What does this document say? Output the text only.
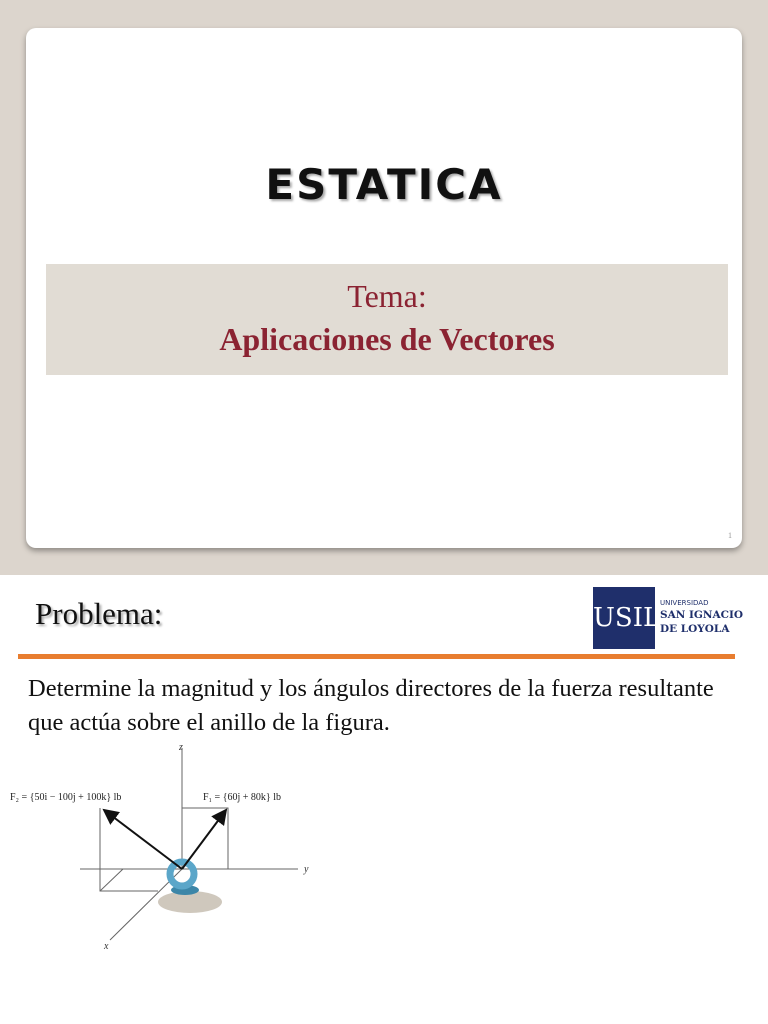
ESTATICA
Tema:
Aplicaciones de Vectores
1
Problema:	USIL UNIVERSIDAD
SAN IGNACIO
DE LOYOLA
Determine la magnitud y los ángulos directores de la fuerza resultante que actúa sobre el anillo de la figura.
z
y
x
F₂ = {50i − 100j + 100k} lb	F₁ = {60j + 80k} lb
